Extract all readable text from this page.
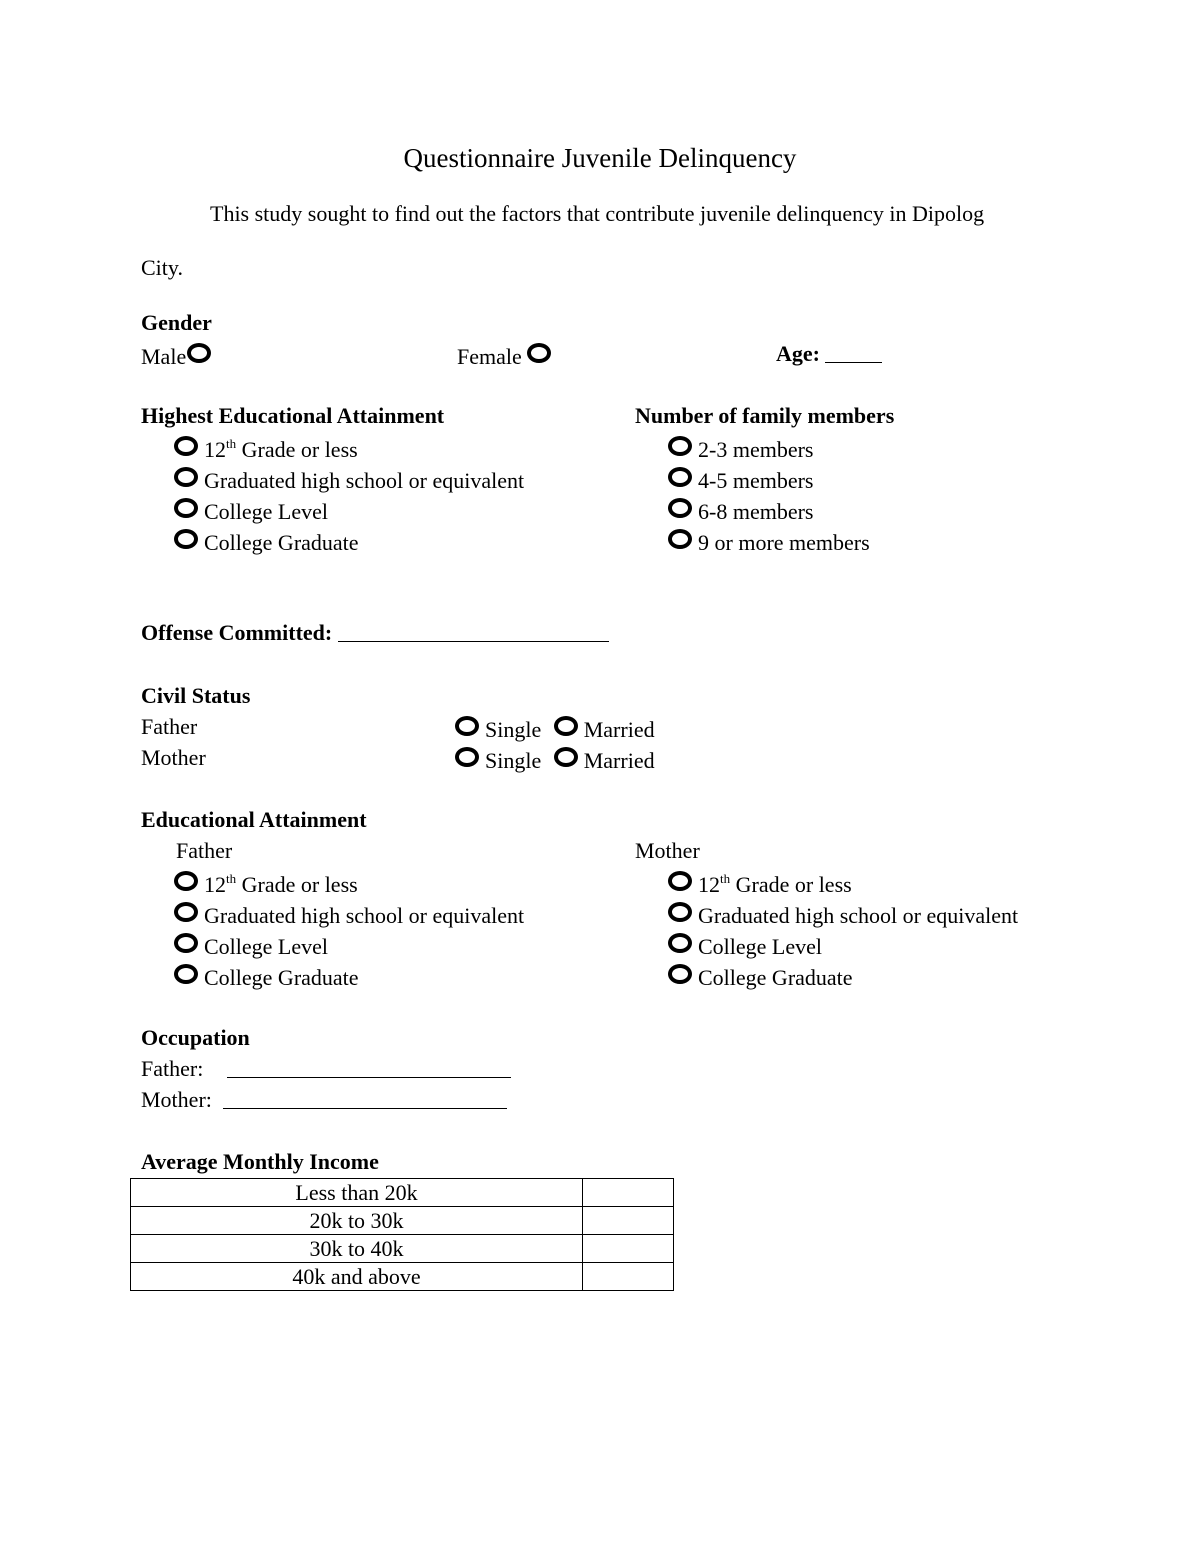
Questionnaire Juvenile Delinquency
This study sought to find out the factors that contribute juvenile delinquency in Dipolog
City.
Gender
Male	Female	Age:
Highest Educational Attainment
12th Grade or less
Graduated high school or equivalent
College Level
College Graduate
Number of family members
2-3 members
4-5 members
6-8 members
9 or more members
Offense Committed:
Civil Status
Father	Single Married
Mother	Single Married
Educational Attainment
Father	Mother
12th Grade or less
Graduated high school or equivalent
College Level
College Graduate
12th Grade or less
Graduated high school or equivalent
College Level
College Graduate
Occupation
Father:
Mother:
Average Monthly Income
Less than 20k	
20k to 30k	
30k to 40k	
40k and above	
